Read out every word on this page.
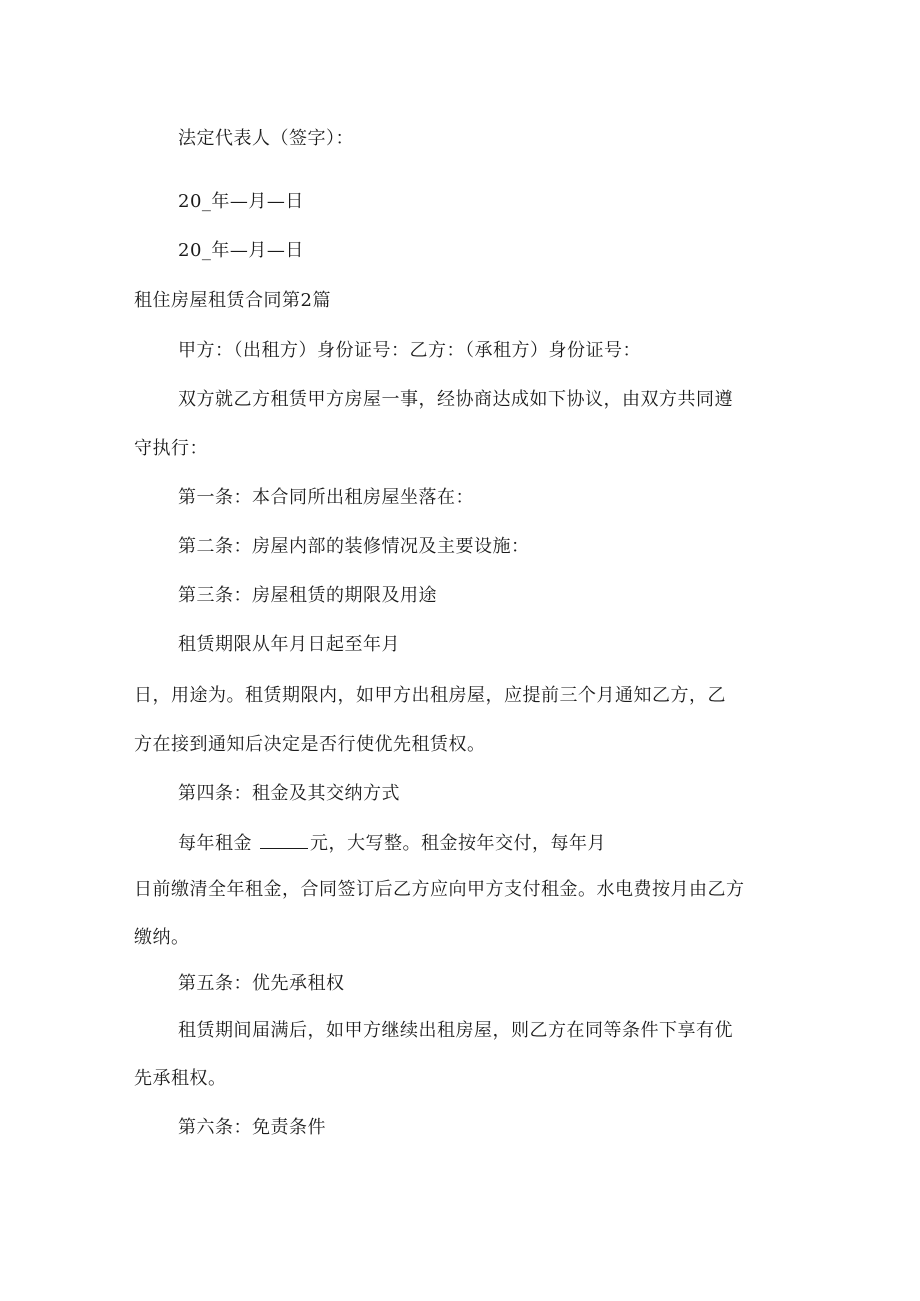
法定代表人（签字）：
20_年—月—日
20_年—月—日
租住房屋租赁合同第2篇
甲方：（出租方）身份证号：乙方：（承租方）身份证号：
双方就乙方租赁甲方房屋一事，经协商达成如下协议，由双方共同遵
守执行：
第一条：本合同所出租房屋坐落在：
第二条：房屋内部的装修情况及主要设施：
第三条：房屋租赁的期限及用途
租赁期限从年月日起至年月
日，用途为。租赁期限内，如甲方出租房屋，应提前三个月通知乙方，乙
方在接到通知后决定是否行使优先租赁权。
第四条：租金及其交纳方式
每年租金	元，大写整。租金按年交付，每年月
日前缴清全年租金，合同签订后乙方应向甲方支付租金。水电费按月由乙方
缴纳。
第五条：优先承租权
租赁期间届满后，如甲方继续出租房屋，则乙方在同等条件下享有优
先承租权。
第六条：免责条件
